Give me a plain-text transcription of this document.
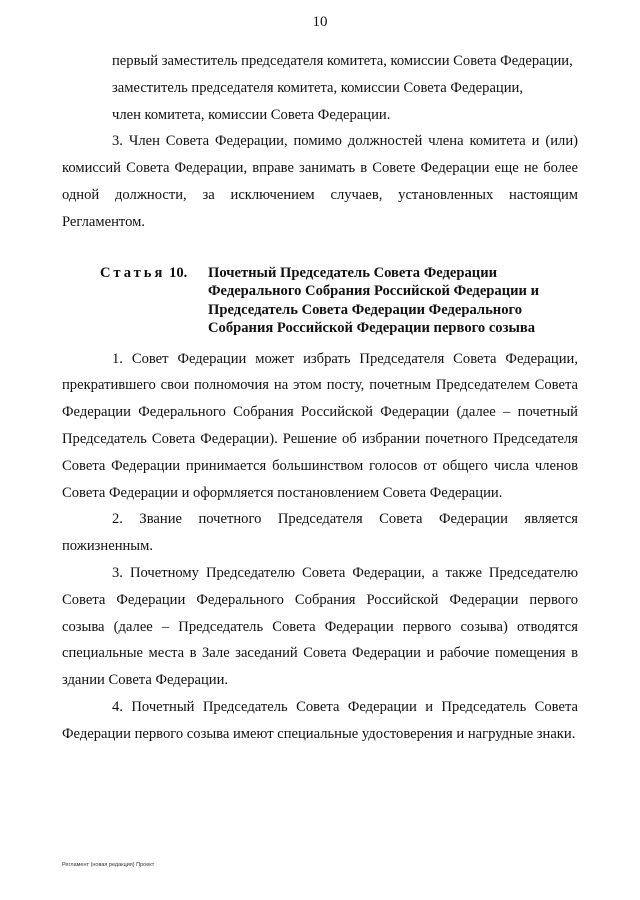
10

первый заместитель председателя комитета, комиссии Совета Федерации,

заместитель председателя комитета, комиссии Совета Федерации,

член комитета, комиссии Совета Федерации.

3. Член Совета Федерации, помимо должностей члена комитета и (или) комиссий Совета Федерации, вправе занимать в Совете Федерации еще не более одной должности, за исключением случаев, установленных настоящим Регламентом.

Статья 10.	Почетный Председатель Совета Федерации
Федерального Собрания Российской Федерации и
Председатель Совета Федерации Федерального
Собрания Российской Федерации первого созыва

1. Совет Федерации может избрать Председателя Совета Федерации, прекратившего свои полномочия на этом посту, почетным Председателем Совета Федерации Федерального Собрания Российской Федерации (далее – почетный Председатель Совета Федерации). Решение об избрании почетного Председателя Совета Федерации принимается большинством голосов от общего числа членов Совета Федерации и оформляется постановлением Совета Федерации.

2. Звание почетного Председателя Совета Федерации является пожизненным.

3. Почетному Председателю Совета Федерации, а также Председателю Совета Федерации Федерального Собрания Российской Федерации первого созыва (далее – Председатель Совета Федерации первого созыва) отводятся специальные места в Зале заседаний Совета Федерации и рабочие помещения в здании Совета Федерации.

4. Почетный Председатель Совета Федерации и Председатель Совета Федерации первого созыва имеют специальные удостоверения и нагрудные знаки.

Регламент (новая редакция) Проект
